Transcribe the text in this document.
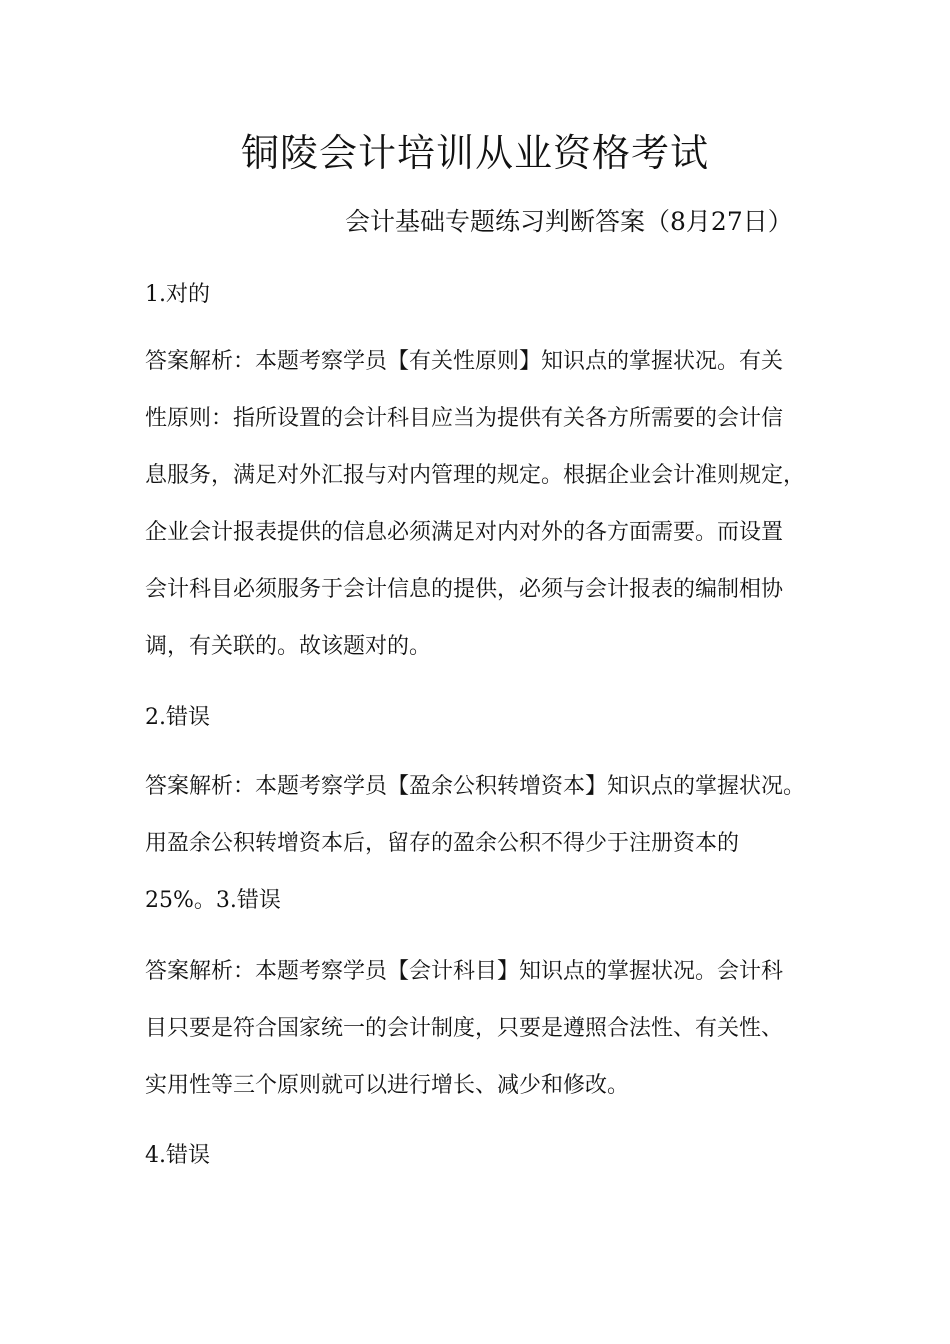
铜陵会计培训从业资格考试
会计基础专题练习判断答案（8月27日）
1.对的
答案解析：本题考察学员【有关性原则】知识点的掌握状况。有关
性原则：指所设置的会计科目应当为提供有关各方所需要的会计信
息服务，满足对外汇报与对内管理的规定。根据企业会计准则规定，
企业会计报表提供的信息必须满足对内对外的各方面需要。而设置
会计科目必须服务于会计信息的提供，必须与会计报表的编制相协
调，有关联的。故该题对的。
2.错误
答案解析：本题考察学员【盈余公积转增资本】知识点的掌握状况。
用盈余公积转增资本后，留存的盈余公积不得少于注册资本的
25%。3.错误
答案解析：本题考察学员【会计科目】知识点的掌握状况。会计科
目只要是符合国家统一的会计制度，只要是遵照合法性、有关性、
实用性等三个原则就可以进行增长、减少和修改。
4.错误
